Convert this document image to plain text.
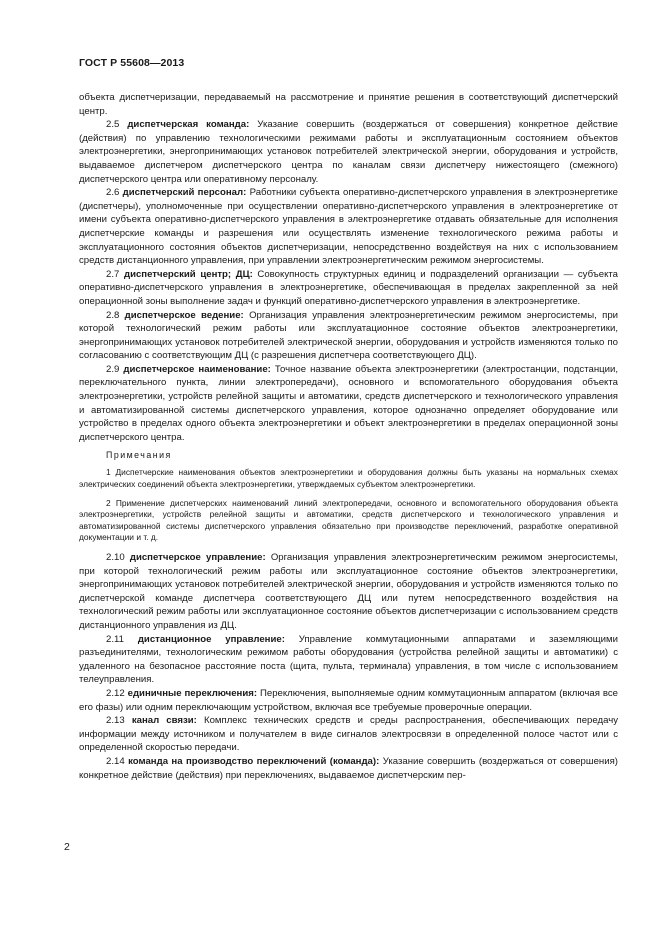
ГОСТ Р 55608—2013

объекта диспетчеризации, передаваемый на рассмотрение и принятие решения в соответствующий диспетчерский центр.

2.5 диспетчерская команда: Указание совершить (воздержаться от совершения) конкретное действие (действия) по управлению технологическими режимами работы и эксплуатационным состоянием объектов электроэнергетики, энергопринимающих установок потребителей электрической энергии, оборудования и устройств, выдаваемое диспетчером диспетчерского центра по каналам связи диспетчеру нижестоящего (смежного) диспетчерского центра или оперативному персоналу.

2.6 диспетчерский персонал: Работники субъекта оперативно-диспетчерского управления в электроэнергетике (диспетчеры), уполномоченные при осуществлении оперативно-диспетчерского управления в электроэнергетике от имени субъекта оперативно-диспетчерского управления в электроэнергетике отдавать обязательные для исполнения диспетчерские команды и разрешения или осуществлять изменение технологического режима работы и эксплуатационного состояния объектов диспетчеризации, непосредственно воздействуя на них с использованием средств дистанционного управления, при управлении электроэнергетическим режимом энергосистемы.

2.7 диспетчерский центр; ДЦ: Совокупность структурных единиц и подразделений организации — субъекта оперативно-диспетчерского управления в электроэнергетике, обеспечивающая в пределах закрепленной за ней операционной зоны выполнение задач и функций оперативно-диспетчерского управления в электроэнергетике.

2.8 диспетчерское ведение: Организация управления электроэнергетическим режимом энергосистемы, при которой технологический режим работы или эксплуатационное состояние объектов электроэнергетики, энергопринимающих установок потребителей электрической энергии, оборудования и устройств изменяются только по согласованию с соответствующим ДЦ (с разрешения диспетчера соответствующего ДЦ).

2.9 диспетчерское наименование: Точное название объекта электроэнергетики (электростанции, подстанции, переключательного пункта, линии электропередачи), основного и вспомогательного оборудования объекта электроэнергетики, устройств релейной защиты и автоматики, средств диспетчерского и технологического управления и автоматизированной системы диспетчерского управления, которое однозначно определяет оборудование или устройство в пределах одного объекта электроэнергетики и объект электроэнергетики в пределах операционной зоны диспетчерского центра.

Примечания

1 Диспетчерские наименования объектов электроэнергетики и оборудования должны быть указаны на нормальных схемах электрических соединений объекта электроэнергетики, утверждаемых субъектом электроэнергетики.

2 Применение диспетчерских наименований линий электропередачи, основного и вспомогательного оборудования объекта электроэнергетики, устройств релейной защиты и автоматики, средств диспетчерского и технологического управления и автоматизированной системы диспетчерского управления обязательно при производстве переключений, разработке оперативной документации и т. д.

2.10 диспетчерское управление: Организация управления электроэнергетическим режимом энергосистемы, при которой технологический режим работы или эксплуатационное состояние объектов электроэнергетики, энергопринимающих установок потребителей электрической энергии, оборудования и устройств изменяются только по диспетчерской команде диспетчера соответствующего ДЦ или путем непосредственного воздействия на технологический режим работы или эксплуатационное состояние объектов диспетчеризации с использованием средств дистанционного управления из ДЦ.

2.11 дистанционное управление: Управление коммутационными аппаратами и заземляющими разъединителями, технологическим режимом работы оборудования (устройства релейной защиты и автоматики) с удаленного на безопасное расстояние поста (щита, пульта, терминала) управления, в том числе с использованием телеуправления.

2.12 единичные переключения: Переключения, выполняемые одним коммутационным аппаратом (включая все его фазы) или одним переключающим устройством, включая все требуемые проверочные операции.

2.13 канал связи: Комплекс технических средств и среды распространения, обеспечивающих передачу информации между источником и получателем в виде сигналов электросвязи в определенной полосе частот или с определенной скоростью передачи.

2.14 команда на производство переключений (команда): Указание совершить (воздержаться от совершения) конкретное действие (действия) при переключениях, выдаваемое диспетчерским пер-

2
